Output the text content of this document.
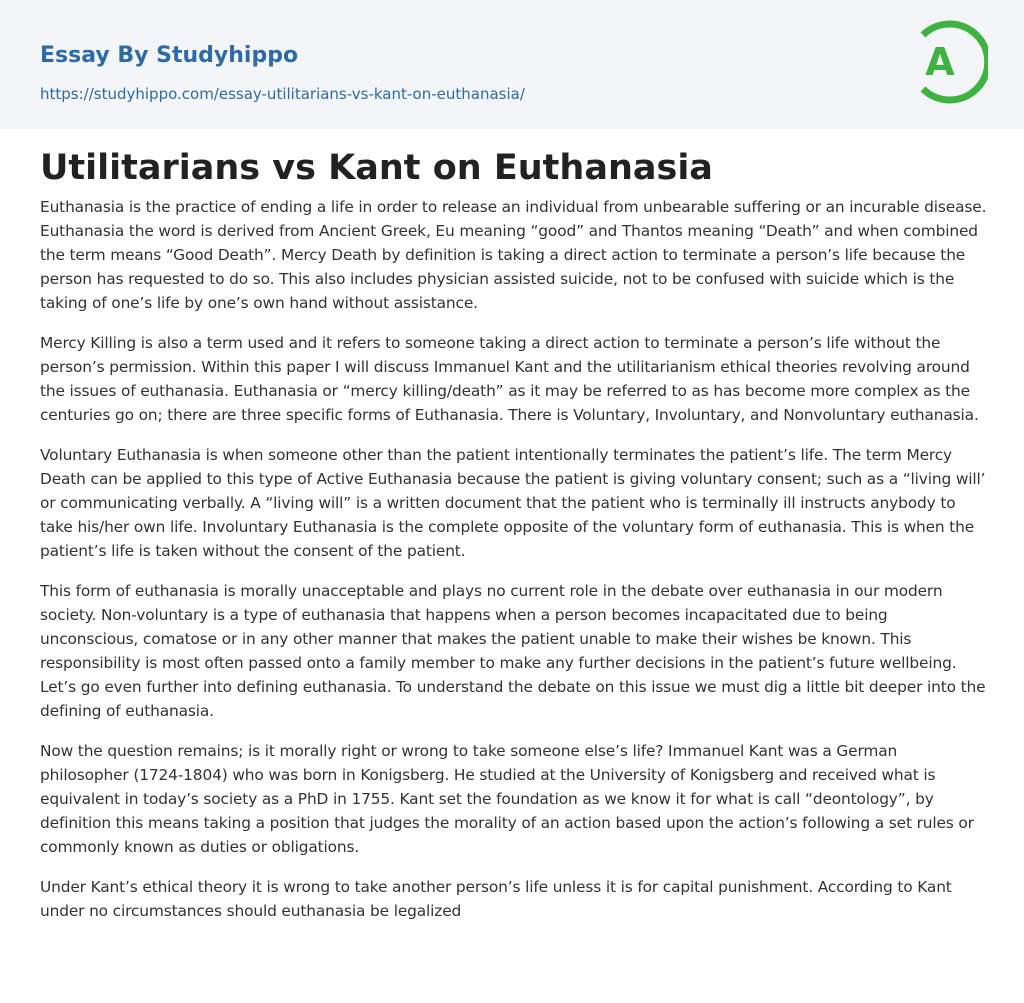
Essay By Studyhippo
https://studyhippo.com/essay-utilitarians-vs-kant-on-euthanasia/
A
Utilitarians vs Kant on Euthanasia

Euthanasia is the practice of ending a life in order to release an individual from unbearable suffering or an incurable disease. Euthanasia the word is derived from Ancient Greek, Eu meaning “good” and Thantos meaning “Death” and when combined the term means “Good Death”. Mercy Death by definition is taking a direct action to terminate a person’s life because the person has requested to do so. This also includes physician assisted suicide, not to be confused with suicide which is the taking of one’s life by one’s own hand without assistance.

Mercy Killing is also a term used and it refers to someone taking a direct action to terminate a person’s life without the person’s permission. Within this paper I will discuss Immanuel Kant and the utilitarianism ethical theories revolving around the issues of euthanasia. Euthanasia or “mercy killing/death” as it may be referred to as has become more complex as the centuries go on; there are three specific forms of Euthanasia. There is Voluntary, Involuntary, and Nonvoluntary euthanasia.

Voluntary Euthanasia is when someone other than the patient intentionally terminates the patient’s life. The term Mercy Death can be applied to this type of Active Euthanasia because the patient is giving voluntary consent; such as a “living will’ or communicating verbally. A “living will” is a written document that the patient who is terminally ill instructs anybody to take his/her own life. Involuntary Euthanasia is the complete opposite of the voluntary form of euthanasia. This is when the patient’s life is taken without the consent of the patient.

This form of euthanasia is morally unacceptable and plays no current role in the debate over euthanasia in our modern society. Non-voluntary is a type of euthanasia that happens when a person becomes incapacitated due to being unconscious, comatose or in any other manner that makes the patient unable to make their wishes be known. This responsibility is most often passed onto a family member to make any further decisions in the patient’s future wellbeing. Let’s go even further into defining euthanasia. To understand the debate on this issue we must dig a little bit deeper into the defining of euthanasia.

Now the question remains; is it morally right or wrong to take someone else’s life? Immanuel Kant was a German philosopher (1724-1804) who was born in Konigsberg. He studied at the University of Konigsberg and received what is equivalent in today’s society as a PhD in 1755. Kant set the foundation as we know it for what is call “deontology”, by definition this means taking a position that judges the morality of an action based upon the action’s following a set rules or commonly known as duties or obligations.

Under Kant’s ethical theory it is wrong to take another person’s life unless it is for capital punishment. According to Kant under no circumstances should euthanasia be legalized
